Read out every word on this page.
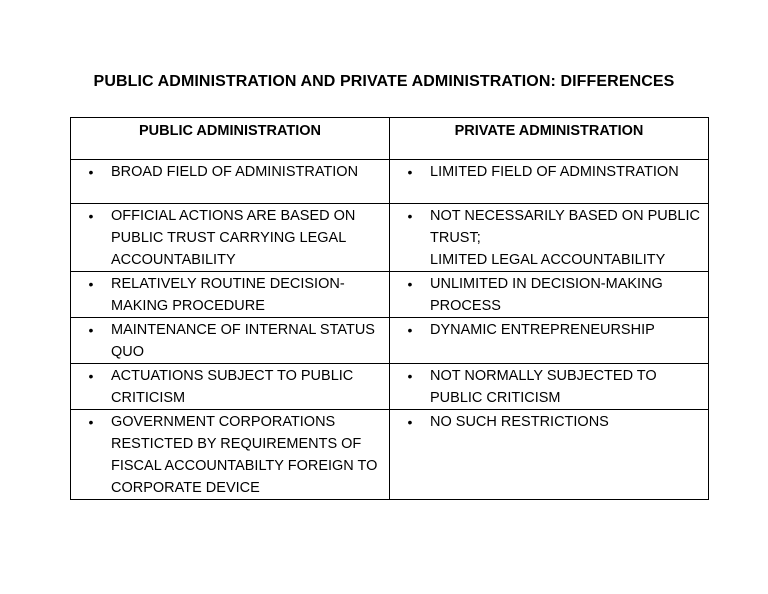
PUBLIC ADMINISTRATION AND PRIVATE ADMINISTRATION: DIFFERENCES
PUBLIC ADMINISTRATION	PRIVATE ADMINISTRATION

• BROAD FIELD OF ADMINISTRATION	• LIMITED FIELD OF ADMINSTRATION

• OFFICIAL ACTIONS ARE BASED ON
PUBLIC TRUST CARRYING LEGAL
ACCOUNTABILITY	• NOT NECESSARILY BASED ON PUBLIC
TRUST;
LIMITED LEGAL ACCOUNTABILITY

• RELATIVELY ROUTINE DECISION-
MAKING PROCEDURE	• UNLIMITED IN DECISION-MAKING
PROCESS

• MAINTENANCE OF INTERNAL STATUS
QUO	• DYNAMIC ENTREPRENEURSHIP

• ACTUATIONS SUBJECT TO PUBLIC
CRITICISM	• NOT NORMALLY SUBJECTED TO
PUBLIC CRITICISM

• GOVERNMENT CORPORATIONS
RESTICTED BY REQUIREMENTS OF
FISCAL ACCOUNTABILTY FOREIGN TO
CORPORATE DEVICE	• NO SUCH RESTRICTIONS
